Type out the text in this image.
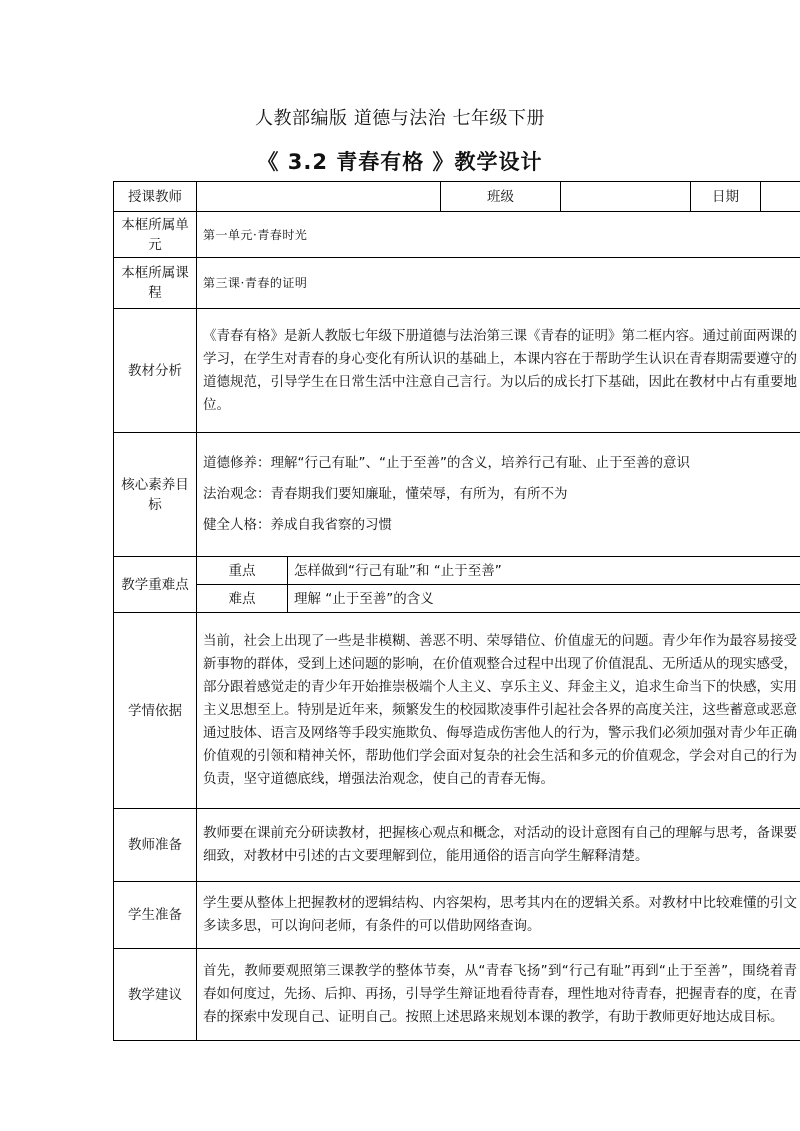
人教部编版 道德与法治 七年级下册
《 3.2 青春有格 》教学设计
授课教师			班级		日期	
本框所属单元	第一单元·青春时光					
本框所属课程	第三课·青春的证明					
教材分析	《青春有格》是新人教版七年级下册道德与法治第三课《青春的证明》第二框内容。通过前面两课的学习，在学生对青春的身心变化有所认识的基础上，本课内容在于帮助学生认识在青春期需要遵守的道德规范，引导学生在日常生活中注意自己言行。为以后的成长打下基础，因此在教材中占有重要地位。					
核心素养目标	道德修养：理解“行己有耻”、“止于至善”的含义，培养行己有耻、止于至善的意识

法治观念：青春期我们要知廉耻，懂荣辱，有所为，有所不为

健全人格：养成自我省察的习惯					

教学重难点	重点	怎样做到“行己有耻”和 “止于至善”				
	难点	理解 “止于至善”的含义				
学情依据	当前，社会上出现了一些是非模糊、善恶不明、荣辱错位、价值虚无的问题。青少年作为最容易接受新事物的群体，受到上述问题的影响，在价值观整合过程中出现了价值混乱、无所适从的现实感受，部分跟着感觉走的青少年开始推崇极端个人主义、享乐主义、拜金主义，追求生命当下的快感，实用主义思想至上。特别是近年来，频繁发生的校园欺凌事件引起社会各界的高度关注，这些蓄意或恶意通过肢体、语言及网络等手段实施欺负、侮辱造成伤害他人的行为，警示我们必须加强对青少年正确价值观的引领和精神关怀，帮助他们学会面对复杂的社会生活和多元的价值观念，学会对自己的行为负责，坚守道德底线，增强法治观念，使自己的青春无悔。					
教师准备	教师要在课前充分研读教材，把握核心观点和概念，对活动的设计意图有自己的理解与思考，备课要细致，对教材中引述的古文要理解到位，能用通俗的语言向学生解释清楚。					
学生准备	学生要从整体上把握教材的逻辑结构、内容架构，思考其内在的逻辑关系。对教材中比较难懂的引文多读多思，可以询问老师，有条件的可以借助网络查询。					
教学建议	首先，教师要观照第三课教学的整体节奏，从“青春飞扬”到“行己有耻”再到“止于至善”，围绕着青春如何度过，先扬、后抑、再扬，引导学生辩证地看待青春，理性地对待青春，把握青春的度，在青春的探索中发现自己、证明自己。按照上述思路来规划本课的教学，有助于教师更好地达成目标。					
